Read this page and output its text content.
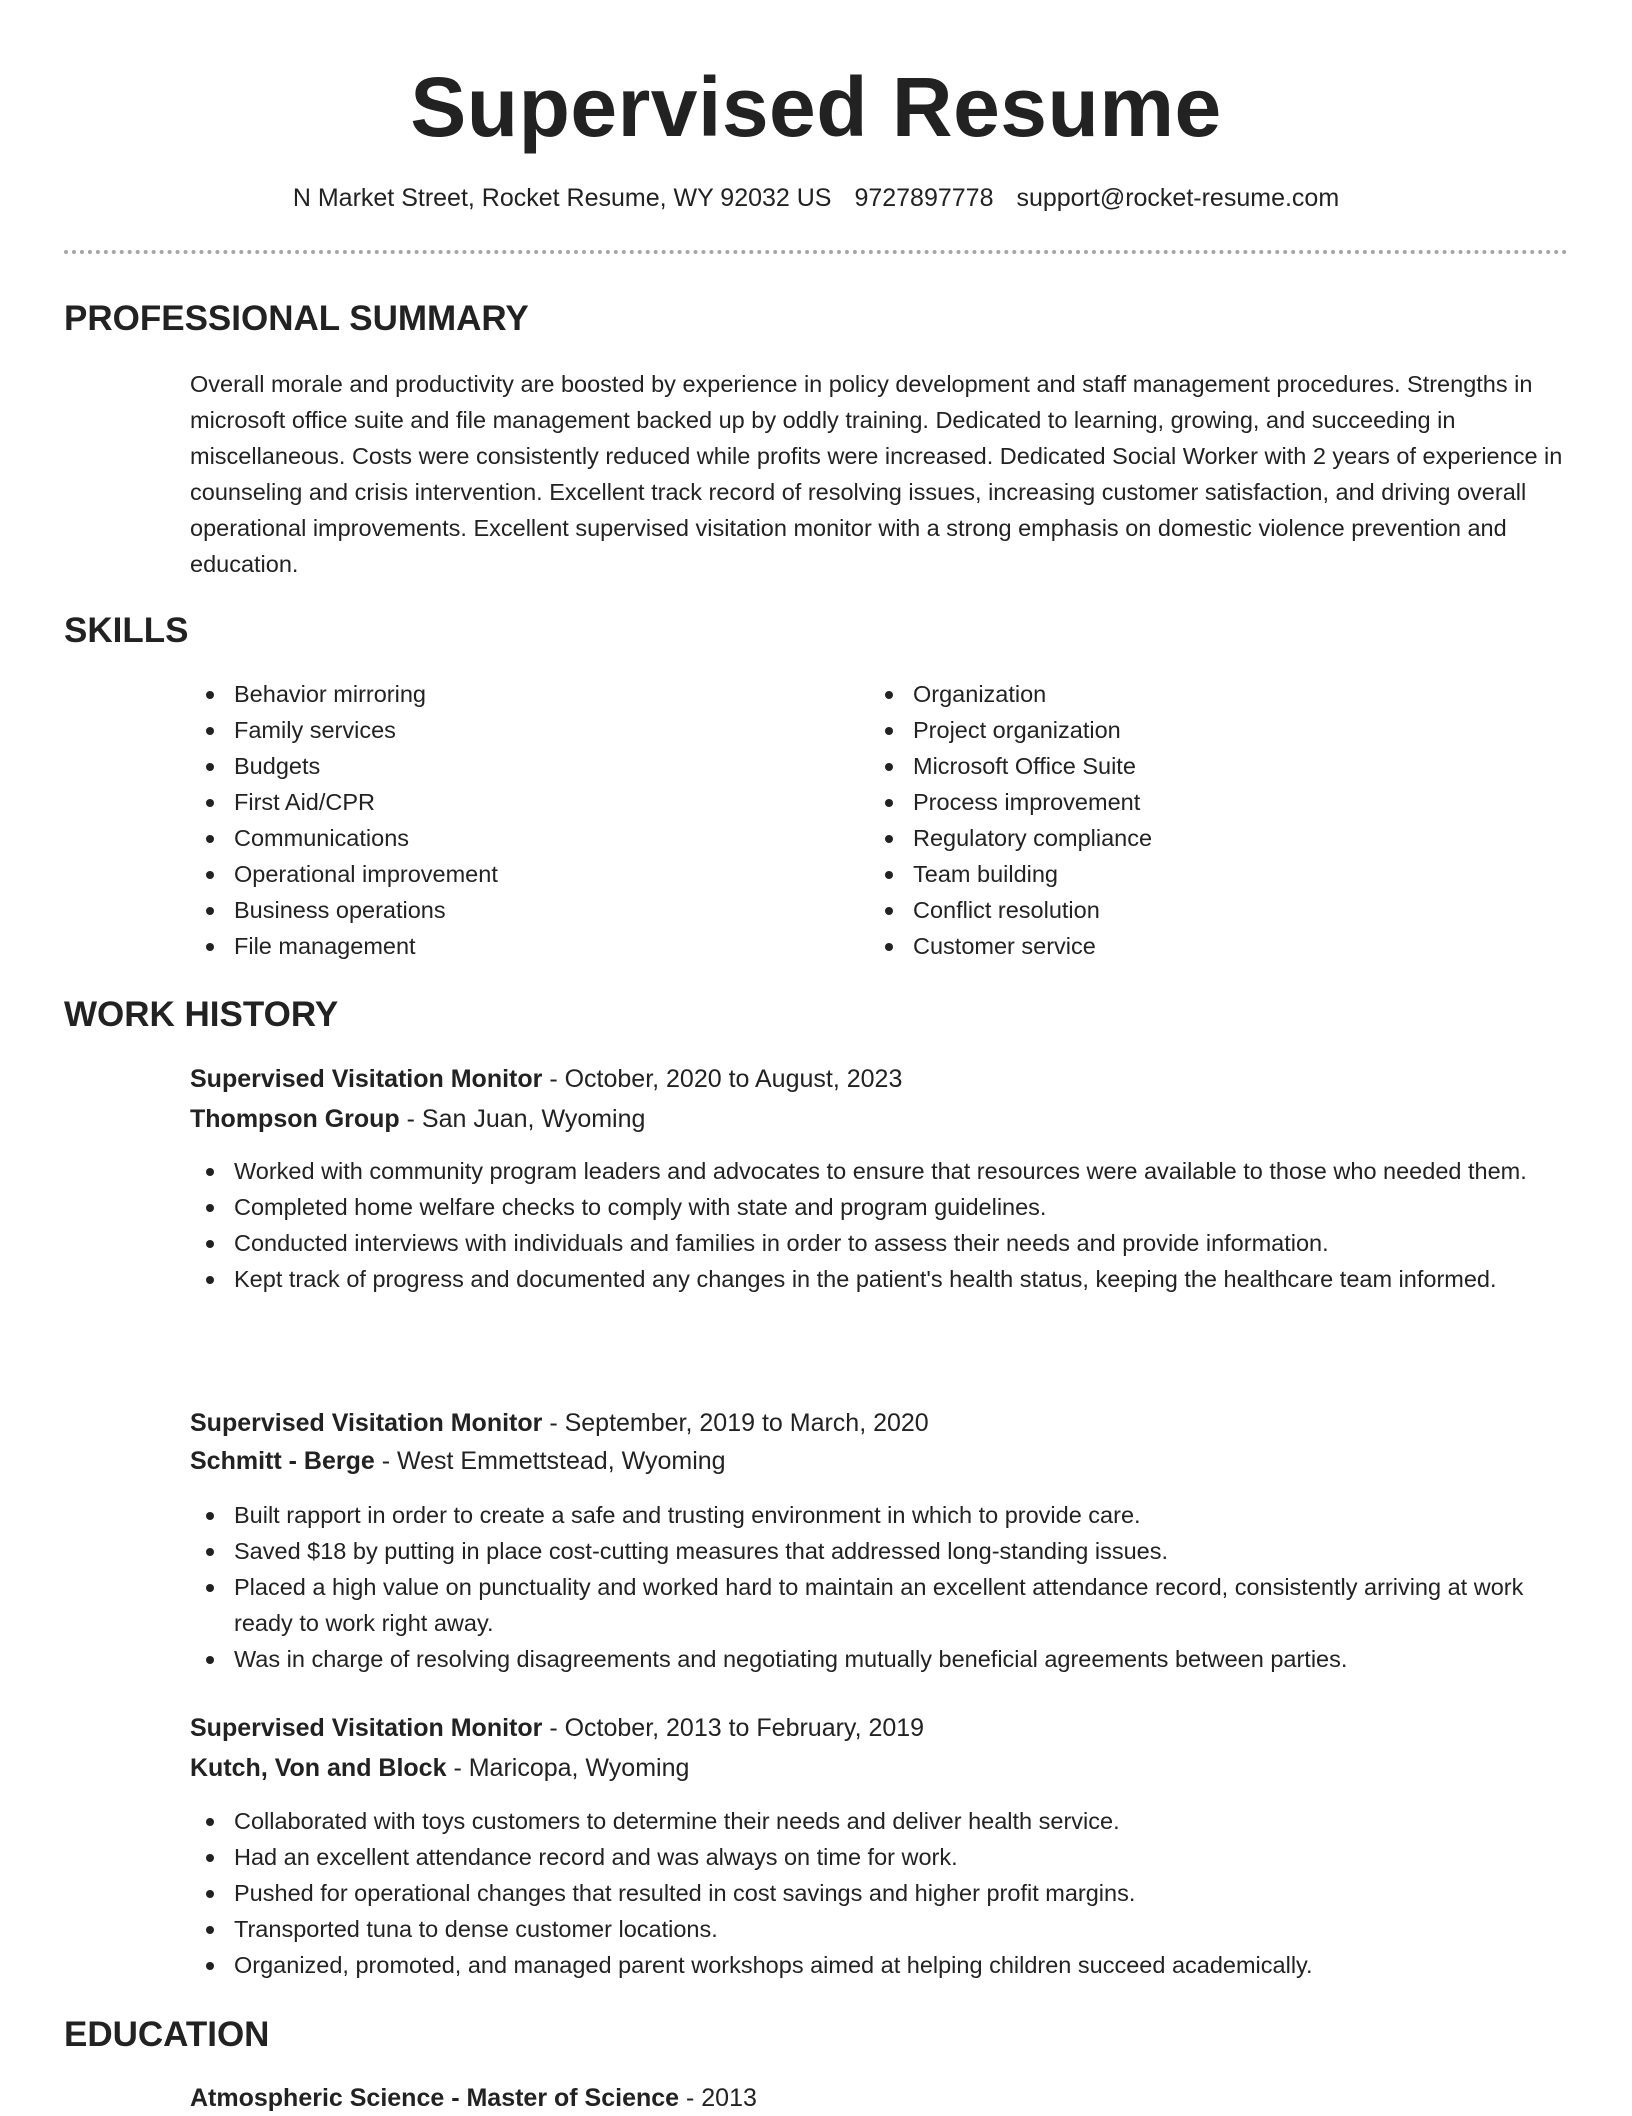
Supervised Resume
N Market Street, Rocket Resume, WY 92032 US 9727897778 support@rocket-resume.com
PROFESSIONAL SUMMARY

Overall morale and productivity are boosted by experience in policy development and staff management procedures. Strengths in microsoft office suite and file management backed up by oddly training. Dedicated to learning, growing, and succeeding in miscellaneous. Costs were consistently reduced while profits were increased. Dedicated Social Worker with 2 years of experience in counseling and crisis intervention. Excellent track record of resolving issues, increasing customer satisfaction, and driving overall operational improvements. Excellent supervised visitation monitor with a strong emphasis on domestic violence prevention and education.

SKILLS
Behavior mirroring
Family services
Budgets
First Aid/CPR
Communications
Operational improvement
Business operations
File management
Organization
Project organization
Microsoft Office Suite
Process improvement
Regulatory compliance
Team building
Conflict resolution
Customer service
WORK HISTORY
Supervised Visitation Monitor - October, 2020 to August, 2023
Thompson Group - San Juan, Wyoming
Worked with community program leaders and advocates to ensure that resources were available to those who needed them.
Completed home welfare checks to comply with state and program guidelines.
Conducted interviews with individuals and families in order to assess their needs and provide information.
Kept track of progress and documented any changes in the patient's health status, keeping the healthcare team informed.
Supervised Visitation Monitor - September, 2019 to March, 2020
Schmitt - Berge - West Emmettstead, Wyoming
Built rapport in order to create a safe and trusting environment in which to provide care.
Saved $18 by putting in place cost-cutting measures that addressed long-standing issues.
Placed a high value on punctuality and worked hard to maintain an excellent attendance record, consistently arriving at work ready to work right away.
Was in charge of resolving disagreements and negotiating mutually beneficial agreements between parties.
Supervised Visitation Monitor - October, 2013 to February, 2019
Kutch, Von and Block - Maricopa, Wyoming
Collaborated with toys customers to determine their needs and deliver health service.
Had an excellent attendance record and was always on time for work.
Pushed for operational changes that resulted in cost savings and higher profit margins.
Transported tuna to dense customer locations.
Organized, promoted, and managed parent workshops aimed at helping children succeed academically.
EDUCATION
Atmospheric Science - Master of Science - 2013
